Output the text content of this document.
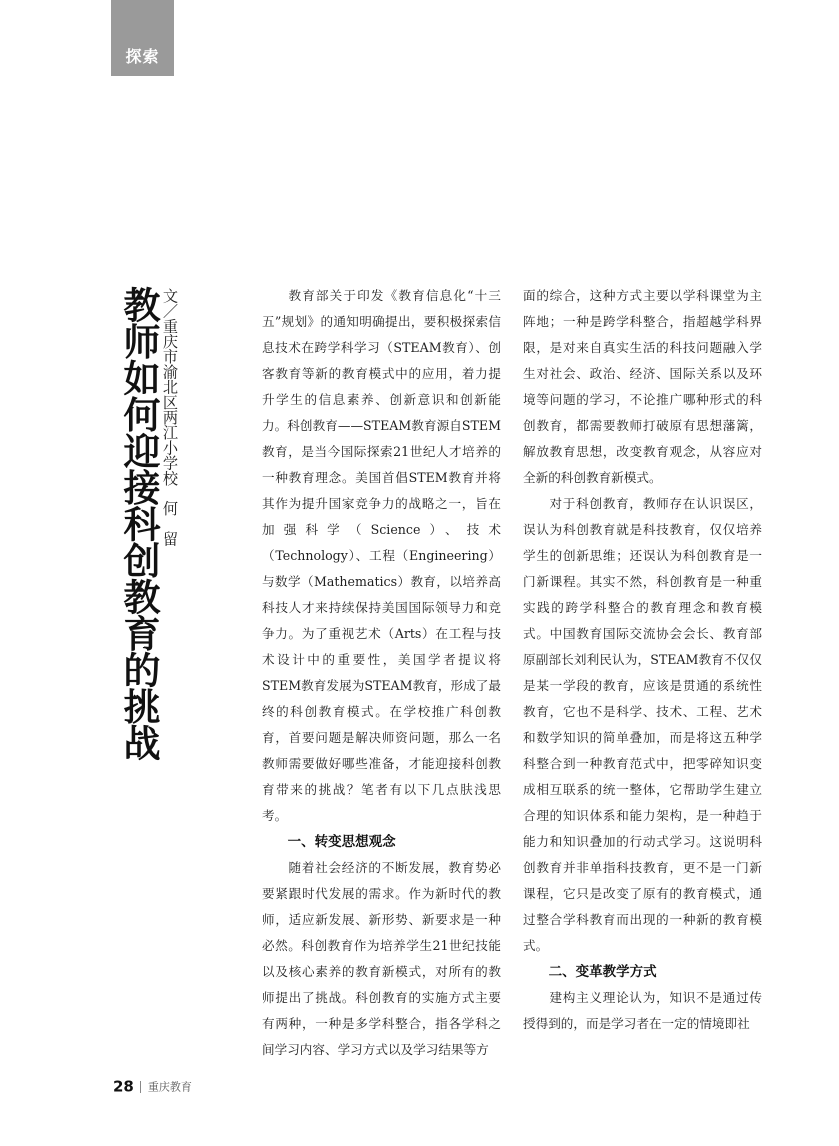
探索
教师如何迎接科创教育的挑战 文／重庆市渝北区两江小学校　何　留	教育部关于印发《教育信息化“十三五”规划》的通知明确提出，要积极探索信息技术在跨学科学习（STEAM教育）、创客教育等新的教育模式中的应用，着力提升学生的信息素养、创新意识和创新能力。科创教育——STEAM教育源自STEM教育，是当今国际探索21世纪人才培养的一种教育理念。美国首倡STEM教育并将其作为提升国家竞争力的战略之一，旨在加强科学（Science）、技术（Technology）、工程（Engineering）与数学（Mathematics）教育，以培养高科技人才来持续保持美国国际领导力和竞争力。为了重视艺术（Arts）在工程与技术设计中的重要性，美国学者提议将STEM教育发展为STEAM教育，形成了最终的科创教育模式。在学校推广科创教育，首要问题是解决师资问题，那么一名教师需要做好哪些准备，才能迎接科创教育带来的挑战？笔者有以下几点肤浅思考。

一、转变思想观念

随着社会经济的不断发展，教育势必要紧跟时代发展的需求。作为新时代的教师，适应新发展、新形势、新要求是一种必然。科创教育作为培养学生21世纪技能以及核心素养的教育新模式，对所有的教师提出了挑战。科创教育的实施方式主要有两种，一种是多学科整合，指各学科之间学习内容、学习方式以及学习结果等方

面的综合，这种方式主要以学科课堂为主阵地；一种是跨学科整合，指超越学科界限，是对来自真实生活的科技问题融入学生对社会、政治、经济、国际关系以及环境等问题的学习，不论推广哪种形式的科创教育，都需要教师打破原有思想藩篱，解放教育思想，改变教育观念，从容应对全新的科创教育新模式。

对于科创教育，教师存在认识误区，误认为科创教育就是科技教育，仅仅培养学生的创新思维；还误认为科创教育是一门新课程。其实不然，科创教育是一种重实践的跨学科整合的教育理念和教育模式。中国教育国际交流协会会长、教育部原副部长刘利民认为，STEAM教育不仅仅是某一学段的教育，应该是贯通的系统性教育，它也不是科学、技术、工程、艺术和数学知识的简单叠加，而是将这五种学科整合到一种教育范式中，把零碎知识变成相互联系的统一整体，它帮助学生建立合理的知识体系和能力架构，是一种趋于能力和知识叠加的行动式学习。这说明科创教育并非单指科技教育，更不是一门新课程，它只是改变了原有的教育模式，通过整合学科教育而出现的一种新的教育模式。

二、变革教学方式

建构主义理论认为，知识不是通过传授得到的，而是学习者在一定的情境即社

28 重庆教育
